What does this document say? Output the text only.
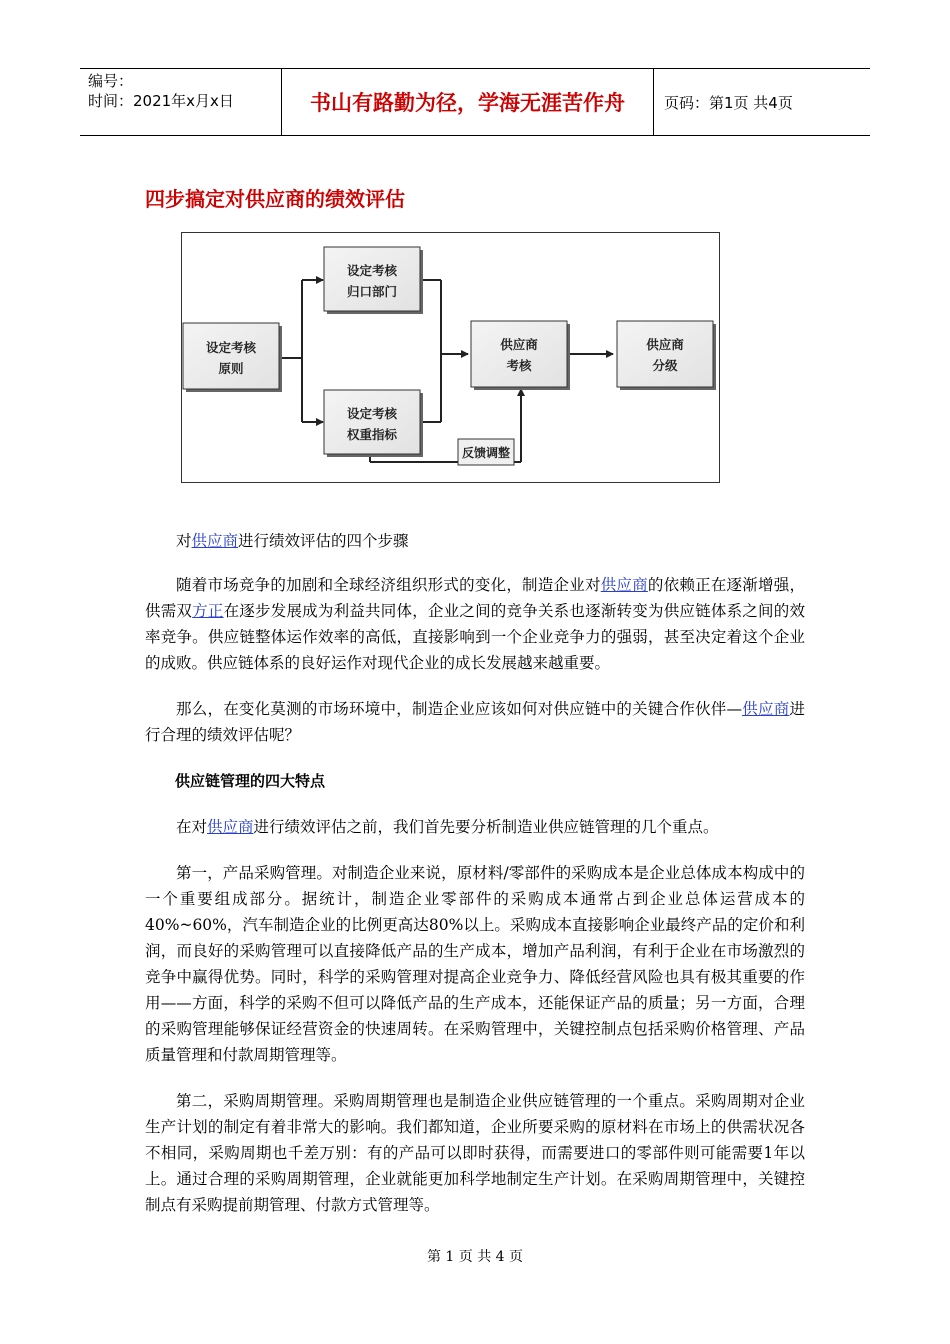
编号：
时间：2021年x月x日	书山有路勤为径，学海无涯苦作舟	页码：第1页 共4页
四步搞定对供应商的绩效评估
设定考核
原则
设定考核
归口部门
设定考核
权重指标
供应商
考核
供应商
分级
反馈调整

对供应商进行绩效评估的四个步骤

随着市场竞争的加剧和全球经济组织形式的变化，制造企业对供应商的依赖正在逐渐增强，供需双方正在逐步发展成为利益共同体，企业之间的竞争关系也逐渐转变为供应链体系之间的效率竞争。供应链整体运作效率的高低，直接影响到一个企业竞争力的强弱，甚至决定着这个企业的成败。供应链体系的良好运作对现代企业的成长发展越来越重要。

那么，在变化莫测的市场环境中，制造企业应该如何对供应链中的关键合作伙伴—供应商进行合理的绩效评估呢？

供应链管理的四大特点

在对供应商进行绩效评估之前，我们首先要分析制造业供应链管理的几个重点。

第一，产品采购管理。对制造企业来说，原材料/零部件的采购成本是企业总体成本构成中的一个重要组成部分。据统计，制造企业零部件的采购成本通常占到企业总体运营成本的40%~60%，汽车制造企业的比例更高达80%以上。采购成本直接影响企业最终产品的定价和利润，而良好的采购管理可以直接降低产品的生产成本，增加产品利润，有利于企业在市场激烈的竞争中赢得优势。同时，科学的采购管理对提高企业竞争力、降低经营风险也具有极其重要的作用——方面，科学的采购不但可以降低产品的生产成本，还能保证产品的质量；另一方面，合理的采购管理能够保证经营资金的快速周转。在采购管理中，关键控制点包括采购价格管理、产品质量管理和付款周期管理等。

第二，采购周期管理。采购周期管理也是制造企业供应链管理的一个重点。采购周期对企业生产计划的制定有着非常大的影响。我们都知道，企业所要采购的原材料在市场上的供需状况各不相同，采购周期也千差万别：有的产品可以即时获得，而需要进口的零部件则可能需要1年以上。通过合理的采购周期管理，企业就能更加科学地制定生产计划。在采购周期管理中，关键控制点有采购提前期管理、付款方式管理等。

第 1 页 共 4 页
